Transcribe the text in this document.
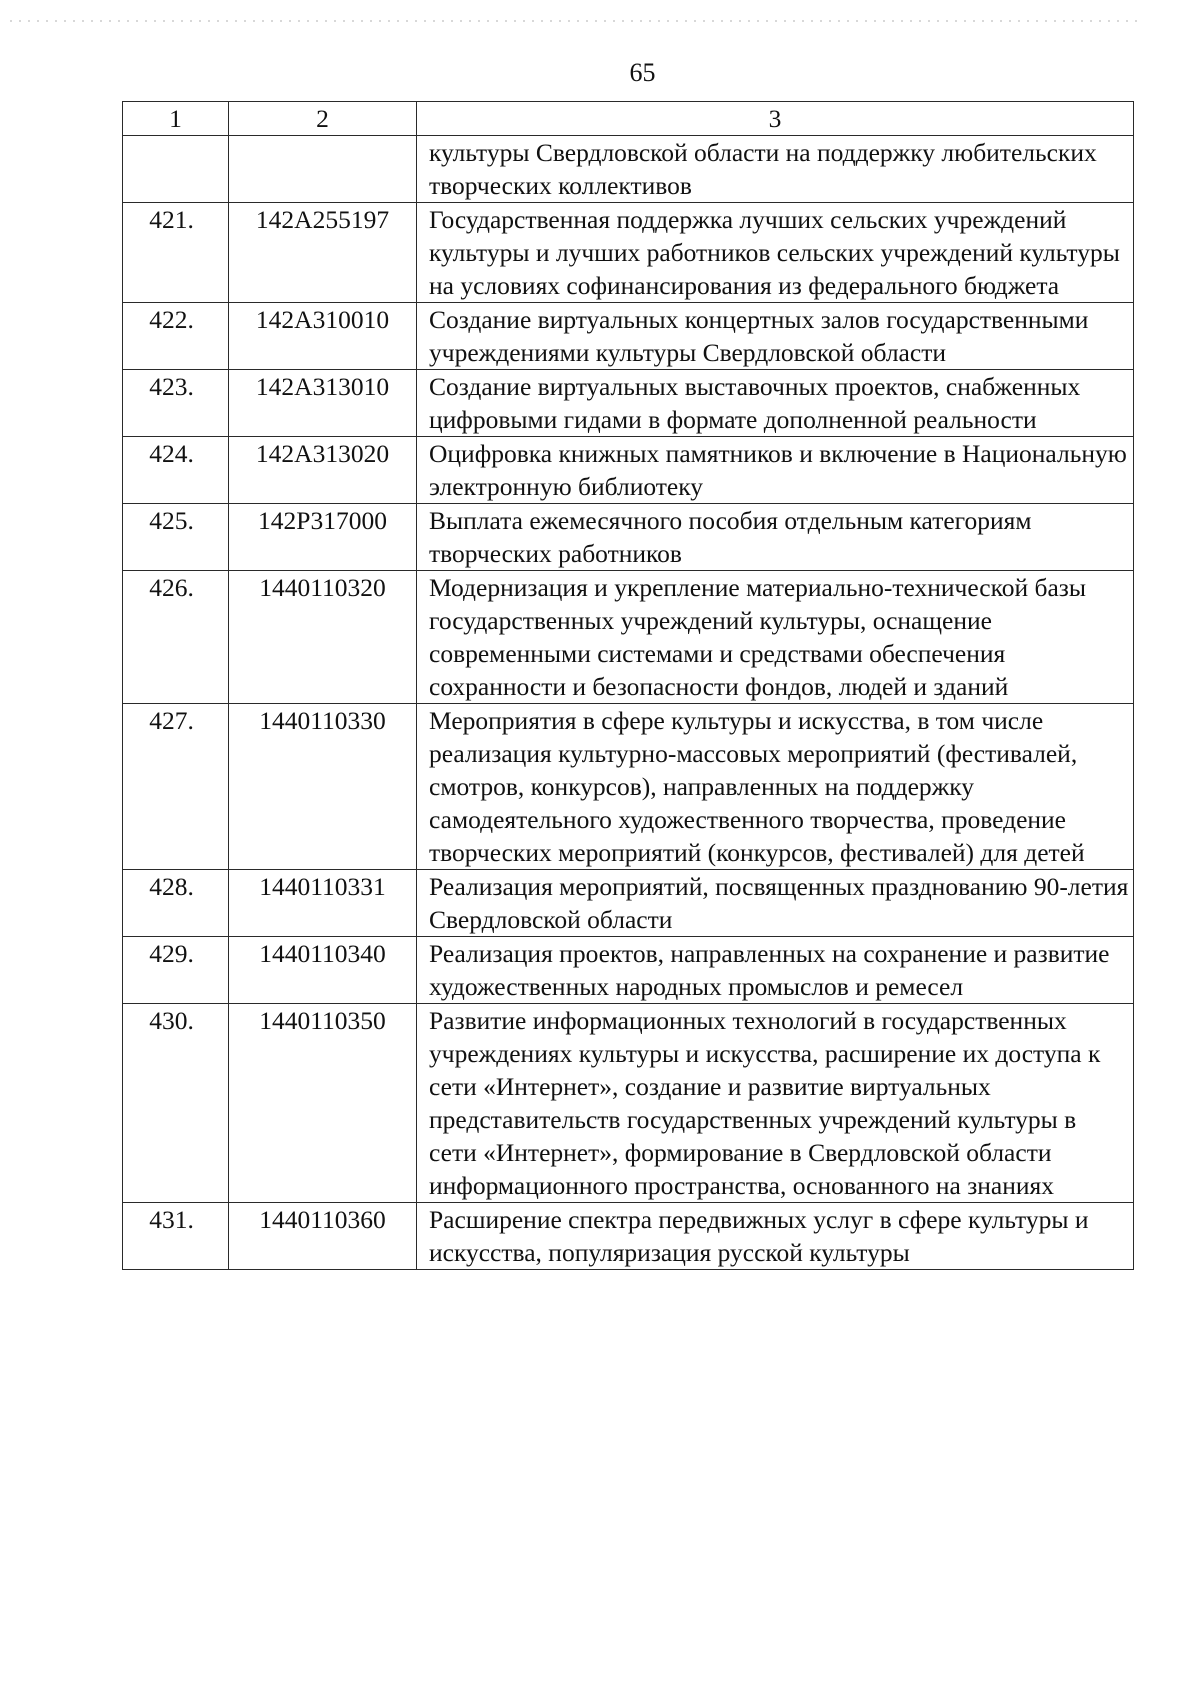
65
1	2	3
		культуры Свердловской области на поддержку любительских творческих коллективов
421.	142A255197	Государственная поддержка лучших сельских учреждений культуры и лучших работников сельских учреждений культуры на условиях софинансирования из федерального бюджета
422.	142A310010	Создание виртуальных концертных залов государственными учреждениями культуры Свердловской области
423.	142A313010	Создание виртуальных выставочных проектов, снабженных цифровыми гидами в формате дополненной реальности
424.	142A313020	Оцифровка книжных памятников и включение в Национальную электронную библиотеку
425.	142P317000	Выплата ежемесячного пособия отдельным категориям творческих работников
426.	1440110320	Модернизация и укрепление материально-технической базы государственных учреждений культуры, оснащение современными системами и средствами обеспечения сохранности и безопасности фондов, людей и зданий
427.	1440110330	Мероприятия в сфере культуры и искусства, в том числе реализация культурно-массовых мероприятий (фестивалей, смотров, конкурсов), направленных на поддержку самодеятельного художественного творчества, проведение творческих мероприятий (конкурсов, фестивалей) для детей
428.	1440110331	Реализация мероприятий, посвященных празднованию 90-летия Свердловской области
429.	1440110340	Реализация проектов, направленных на сохранение и развитие художественных народных промыслов и ремесел
430.	1440110350	Развитие информационных технологий в государственных учреждениях культуры и искусства, расширение их доступа к сети «Интернет», создание и развитие виртуальных представительств государственных учреждений культуры в сети «Интернет», формирование в Свердловской области информационного пространства, основанного на знаниях
431.	1440110360	Расширение спектра передвижных услуг в сфере культуры и искусства, популяризация русской культуры
